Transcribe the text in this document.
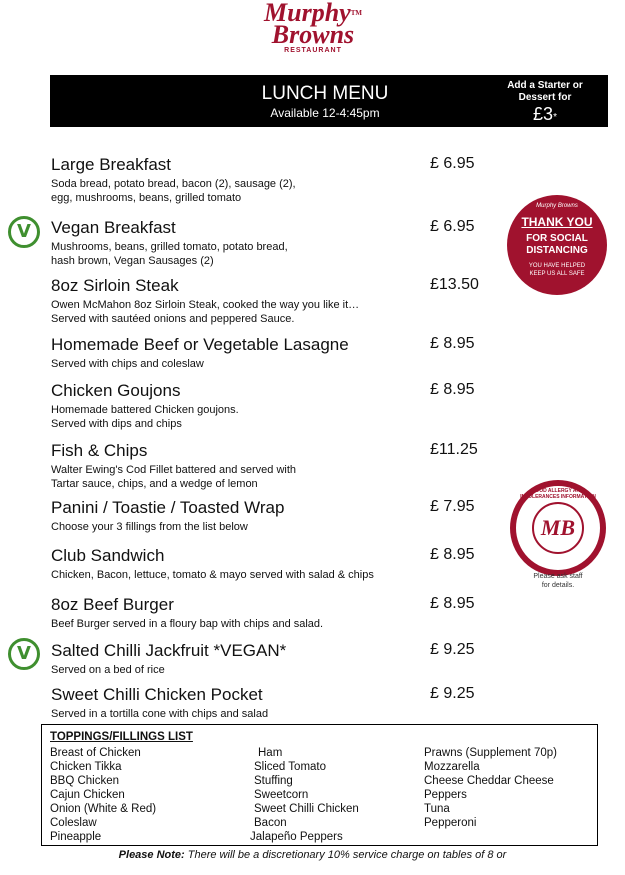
Murphy™
Browns
RESTAURANT
LUNCH MENU
Available 12-4:45pm
Add a Starter or Dessert for
£3*
Large Breakfast
Soda bread, potato bread, bacon (2), sausage (2),
egg, mushrooms, beans, grilled tomato
£ 6.95
V	Vegan Breakfast
Mushrooms, beans, grilled tomato, potato bread,
hash brown, Vegan Sausages (2)
£ 6.95
8oz Sirloin Steak
Owen McMahon 8oz Sirloin Steak, cooked the way you like it…
Served with sautéed onions and peppered Sauce.
£13.50
Homemade Beef or Vegetable Lasagne
Served with chips and coleslaw
£ 8.95
Chicken Goujons
Homemade battered Chicken goujons.
Served with dips and chips
£ 8.95
Fish & Chips
Walter Ewing's Cod Fillet battered and served with
Tartar sauce, chips, and a wedge of lemon
£11.25
Panini / Toastie / Toasted Wrap
Choose your 3 fillings from the list below
£ 7.95
Club Sandwich
Chicken, Bacon, lettuce, tomato & mayo served with salad & chips
£ 8.95
8oz Beef Burger
Beef Burger served in a floury bap with chips and salad.
£ 8.95
V	Salted Chilli Jackfruit *VEGAN*
Served on a bed of rice
£ 9.25
Sweet Chilli Chicken Pocket
Served in a tortilla cone with chips and salad
£ 9.25
Murphy Browns
THANK YOU
FOR SOCIAL
DISTANCING
YOU HAVE HELPED
KEEP US ALL SAFE
FOOD ALLERGY AND INTOLERANCES INFORMATION
MB
Please ask staff
for details.
TOPPINGS/FILLINGS LIST
Breast of Chicken
Chicken Tikka
BBQ Chicken
Cajun Chicken
Onion (White & Red)
Coleslaw
Pineapple
Ham
Sliced Tomato
Stuffing
Sweetcorn
Sweet Chilli Chicken
Bacon
Jalapeño Peppers
Prawns (Supplement 70p)
Mozzarella
Cheese Cheddar Cheese
Peppers
Tuna
Pepperoni
Please Note: There will be a discretionary 10% service charge on tables of 8 or
